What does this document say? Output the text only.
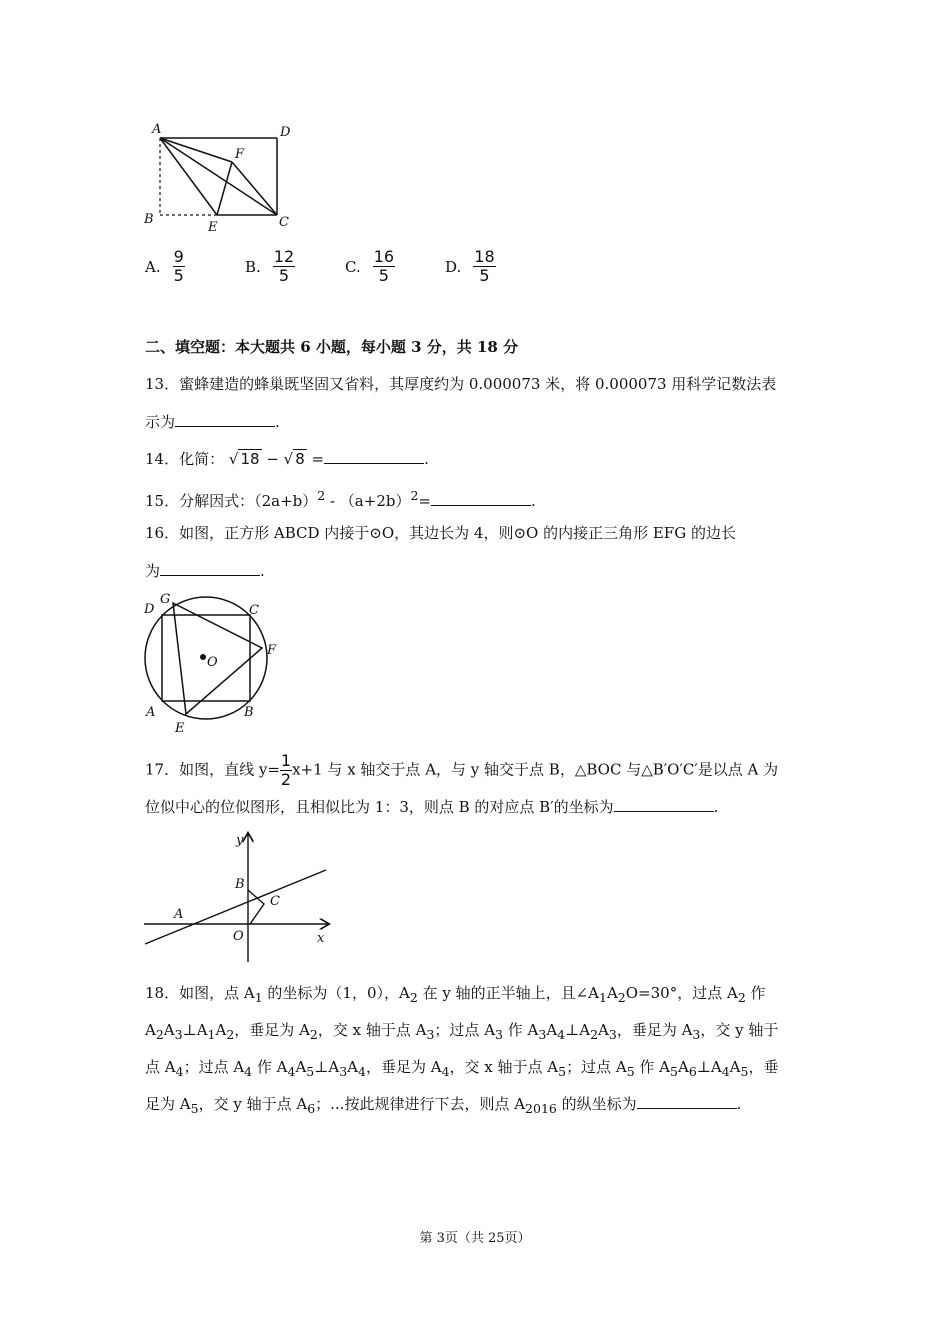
A	D
F
B
E	C
A. $\frac{9}{5}$	B. $\frac{12}{5}$	C. $\frac{16}{5}$	D. $\frac{18}{5}$
二、填空题：本大题共 6 小题，每小题 3 分，共 18 分
13．蜜蜂建造的蜂巢既坚固又省料，其厚度约为 0.000073 米，将 0.000073 用科学记数法表
示为	.
14．化简： √ 18 − √ 8 =	.
15．分解因式：$(2a+b)^2 - (a+2b)^2=$	.
16．如图，正方形 ABCD 内接于⊙O，其边长为 4，则⊙O 的内接正三角形 EFG 的边长
为	.
D
G
C
F
O
A
E
B
17．如图，直线 $y= \frac{1}{2} x+1$ 与 x 轴交于点 A，与 y 轴交于点 B，△BOC 与△B′O′C′是以点 A 为
位似中心的位似图形，且相似比为 1：3，则点 B 的对应点 B′的坐标为	.
y
B
C
A
O	x
18．如图，点 $A_1$ 的坐标为（1，0），$A_2$ 在 y 轴的正半轴上，且$\angle A_1A_2O=30^\circ$，过点 $A_2$ 作
$A_2A_3\perp A_1A_2$，垂足为 $A_2$，交 x 轴于点 $A_3$；过点 $A_3$ 作 $A_3A_4\perp A_2A_3$，垂足为 $A_3$，交 y 轴于
点 $A_4$；过点 $A_4$ 作 $A_4A_5\perp A_3A_4$，垂足为 $A_4$，交 x 轴于点 $A_5$；过点 $A_5$ 作 $A_5A_6\perp A_4A_5$，垂
足为 $A_5$，交 y 轴于点 $A_6$；...按此规律进行下去，则点 $A_{2016}$ 的纵坐标为	.
第 3页（共 25页）
